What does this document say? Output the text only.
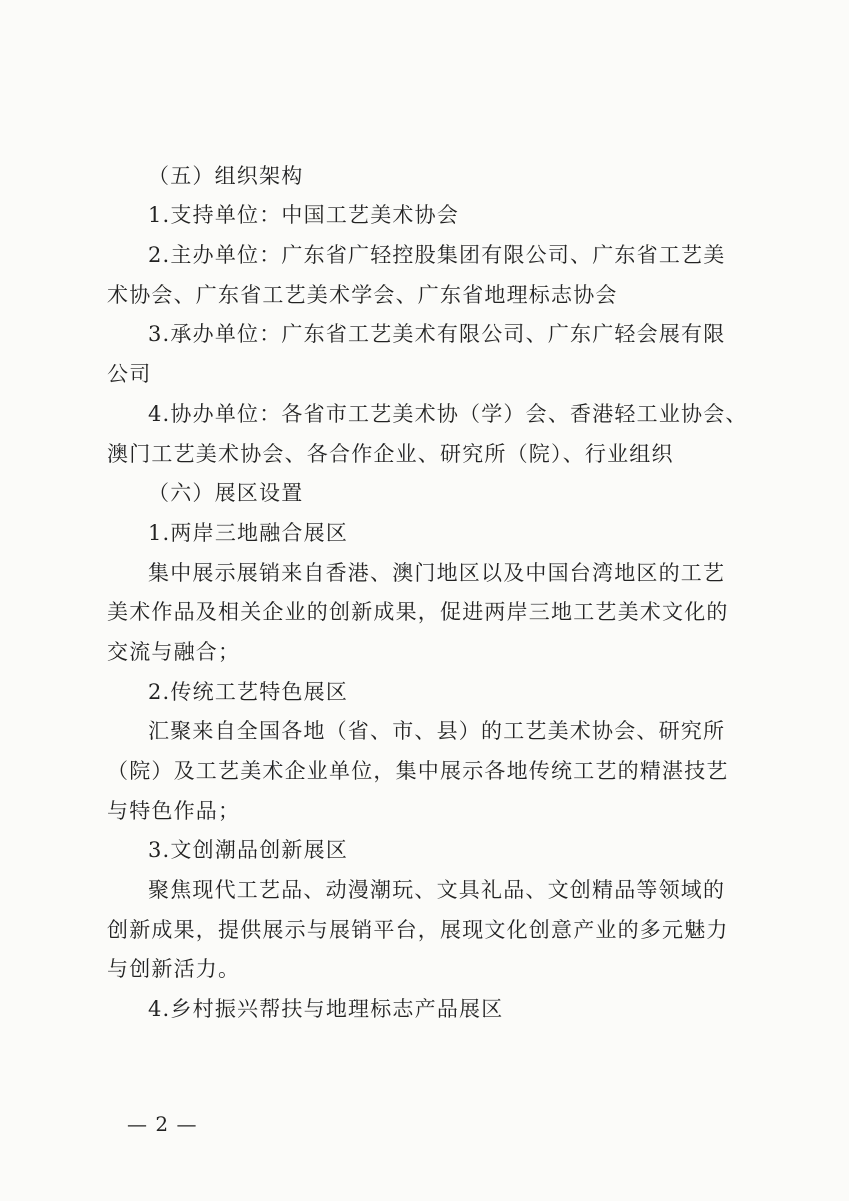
（五）组织架构

1.支持单位：中国工艺美术协会

2.主办单位：广东省广轻控股集团有限公司、广东省工艺美

术协会、广东省工艺美术学会、广东省地理标志协会

3.承办单位：广东省工艺美术有限公司、广东广轻会展有限

公司

4.协办单位：各省市工艺美术协（学）会、香港轻工业协会、

澳门工艺美术协会、各合作企业、研究所（院）、行业组织

（六）展区设置

1.两岸三地融合展区

集中展示展销来自香港、澳门地区以及中国台湾地区的工艺

美术作品及相关企业的创新成果，促进两岸三地工艺美术文化的

交流与融合；

2.传统工艺特色展区

汇聚来自全国各地（省、市、县）的工艺美术协会、研究所

（院）及工艺美术企业单位，集中展示各地传统工艺的精湛技艺

与特色作品；

3.文创潮品创新展区

聚焦现代工艺品、动漫潮玩、文具礼品、文创精品等领域的

创新成果，提供展示与展销平台，展现文化创意产业的多元魅力

与创新活力。

4.乡村振兴帮扶与地理标志产品展区

— 2 —
